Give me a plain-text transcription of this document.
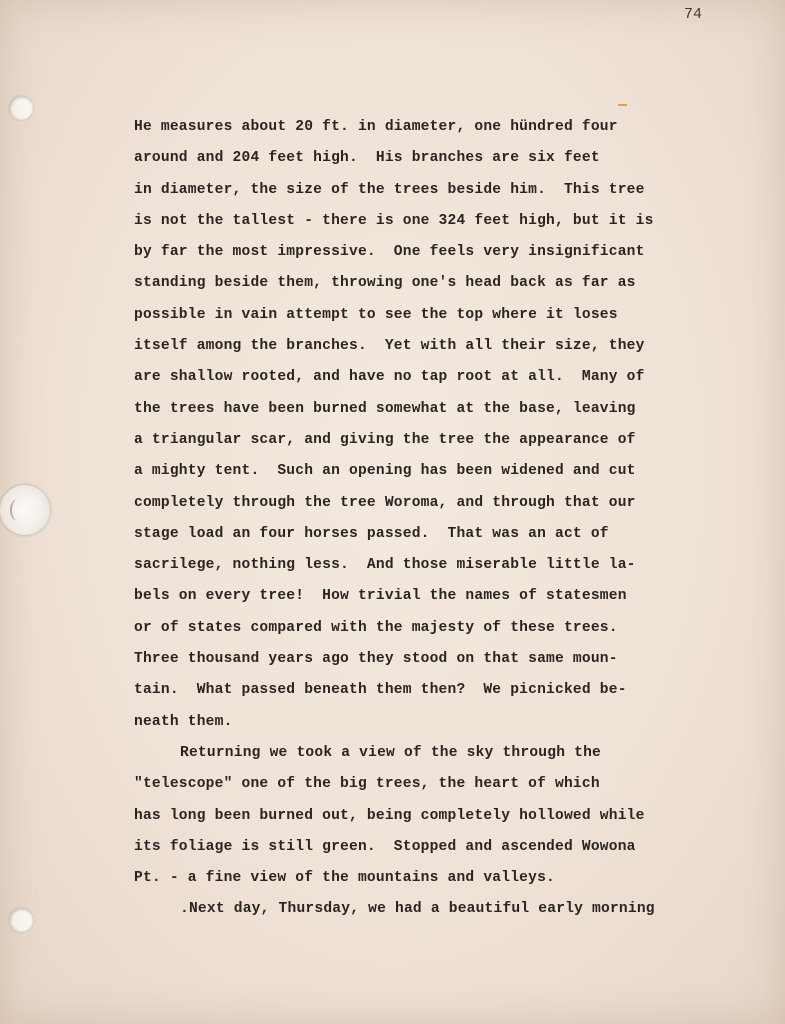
74
He measures about 20 ft. in diameter, one hündred four
around and 204 feet high.  His branches are six feet
in diameter, the size of the trees beside him.  This tree
is not the tallest - there is one 324 feet high, but it is
by far the most impressive.  One feels very insignificant
standing beside them, throwing one's head back as far as
possible in vain attempt to see the top where it loses
itself among the branches.  Yet with all their size, they
are shallow rooted, and have no tap root at all.  Many of
the trees have been burned somewhat at the base, leaving
a triangular scar, and giving the tree the appearance of
a mighty tent.  Such an opening has been widened and cut
completely through the tree Woroma, and through that our
stage load an four horses passed.  That was an act of
sacrilege, nothing less.  And those miserable little la-
bels on every tree!  How trivial the names of statesmen
or of states compared with the majesty of these trees.
Three thousand years ago they stood on that same moun-
tain.  What passed beneath them then?  We picnicked be-
neath them.
Returning we took a view of the sky through the
"telescope" one of the big trees, the heart of which
has long been burned out, being completely hollowed while
its foliage is still green.  Stopped and ascended Wowona
Pt. - a fine view of the mountains and valleys.
.Next day, Thursday, we had a beautiful early morning
